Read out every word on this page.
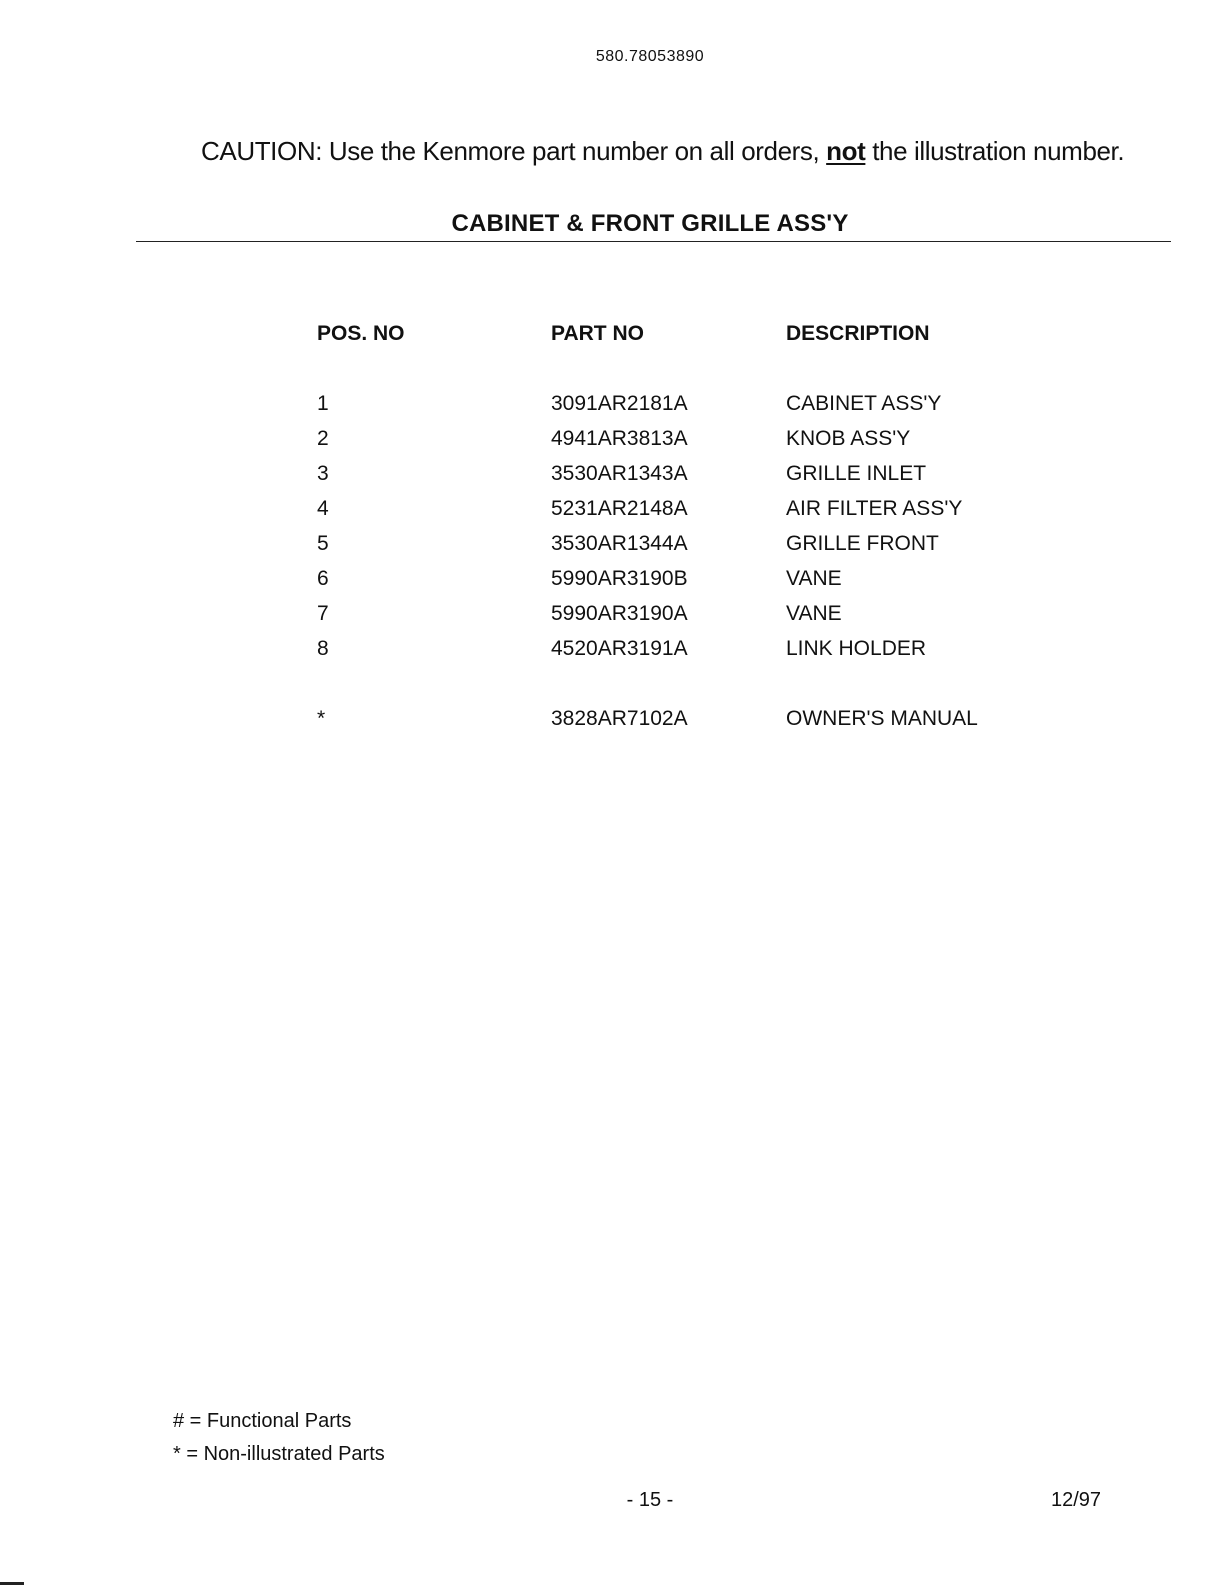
580.78053890
CAUTION: Use the Kenmore part number on all orders, not the illustration number.
CABINET & FRONT GRILLE ASS'Y
POS. NO	PART NO	DESCRIPTION
1	3091AR2181A	CABINET ASS'Y
2	4941AR3813A	KNOB ASS'Y
3	3530AR1343A	GRILLE INLET
4	5231AR2148A	AIR FILTER ASS'Y
5	3530AR1344A	GRILLE FRONT
6	5990AR3190B	VANE
7	5990AR3190A	VANE
8	4520AR3191A	LINK HOLDER
*	3828AR7102A	OWNER'S MANUAL
# = Functional Parts
* = Non-illustrated Parts
- 15 -	12/97
